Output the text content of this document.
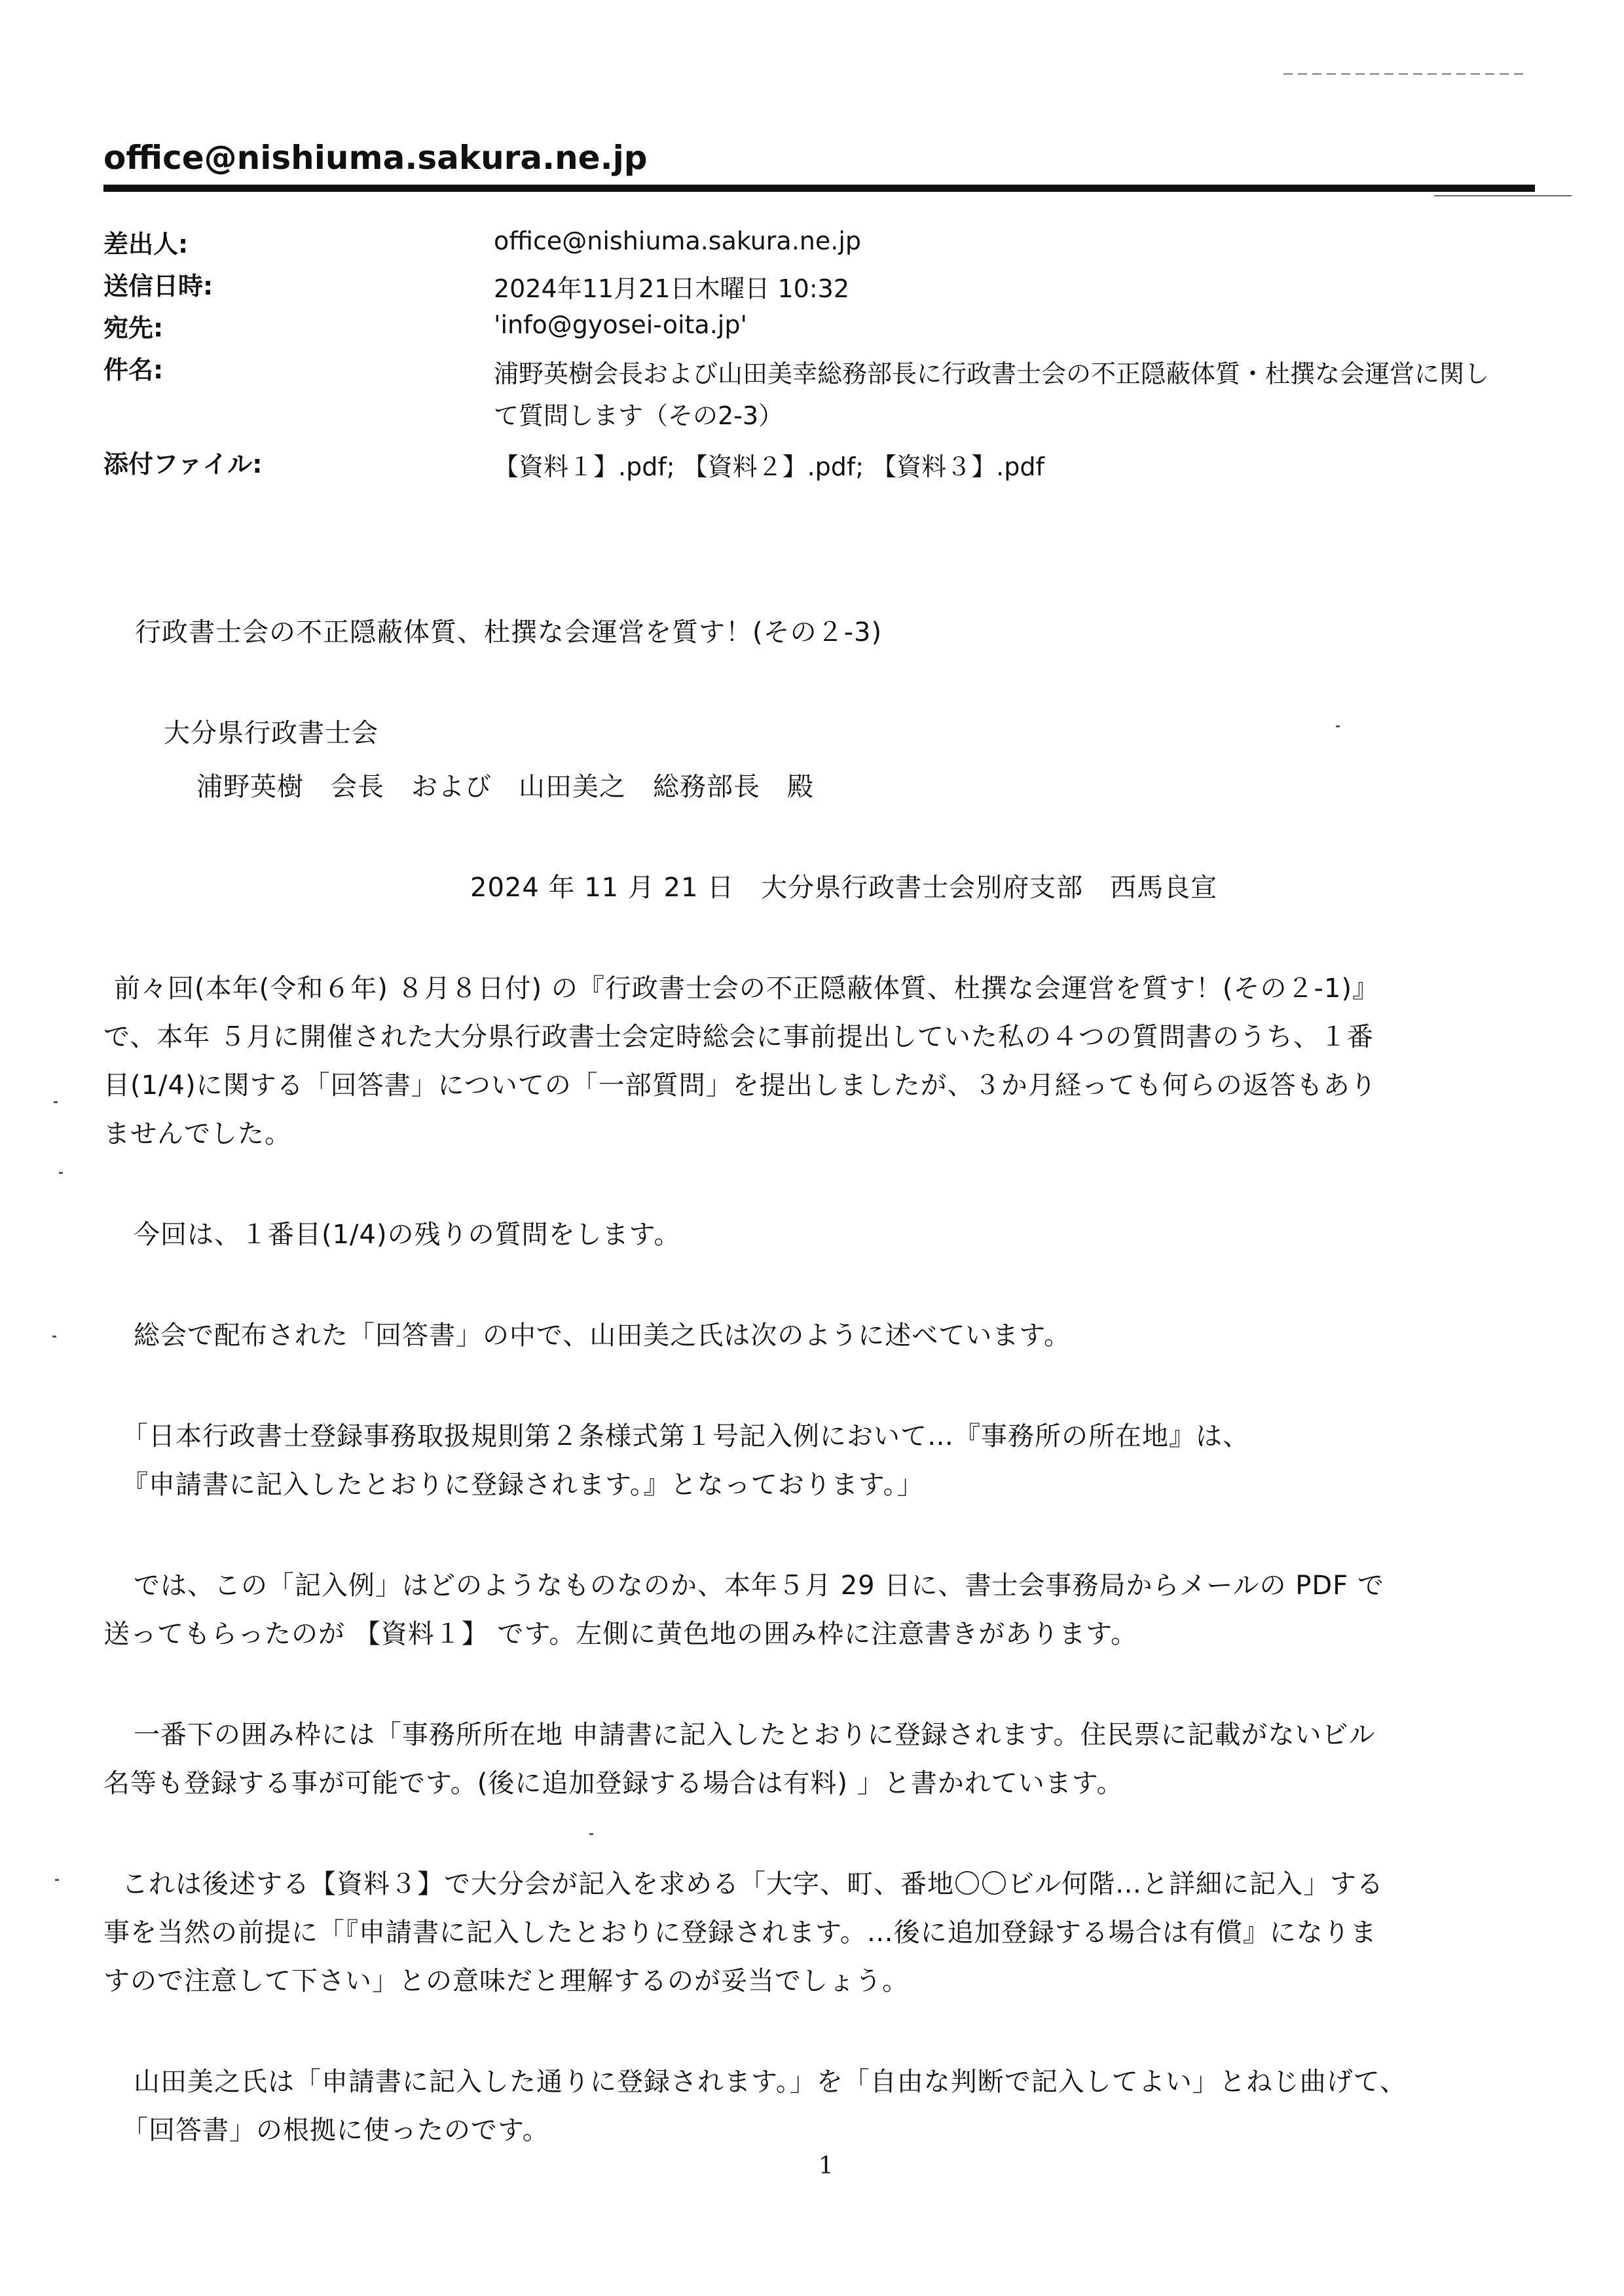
office@nishiuma.sakura.ne.jp
差出人:	office@nishiuma.sakura.ne.jp
送信日時:	2024年11月21日木曜日 10:32
宛先:	'info@gyosei-oita.jp'
件名:	浦野英樹会長および山田美幸総務部長に行政書士会の不正隠蔽体質・杜撰な会運営に関し
て質問します（その2-3）
添付ファイル:	【資料１】.pdf; 【資料２】.pdf; 【資料３】.pdf
行政書士会の不正隠蔽体質、杜撰な会運営を質す！(その２-3)
大分県行政書士会
浦野英樹　会長　および　山田美之　総務部長　殿
2024 年 11 月 21 日　大分県行政書士会別府支部　西馬良宣
前々回(本年(令和６年) ８月８日付) の『行政書士会の不正隠蔽体質、杜撰な会運営を質す！(その２-1)』
で、本年 ５月に開催された大分県行政書士会定時総会に事前提出していた私の４つの質問書のうち、１番
目(1/4)に関する「回答書」についての「一部質問」を提出しましたが、３か月経っても何らの返答もあり
ませんでした。
今回は、１番目(1/4)の残りの質問をします。
総会で配布された「回答書」の中で、山田美之氏は次のように述べています。
「日本行政書士登録事務取扱規則第２条様式第１号記入例において…『事務所の所在地』は、
『申請書に記入したとおりに登録されます。』となっております。」
では、この「記入例」はどのようなものなのか、本年５月 29 日に、書士会事務局からメールの PDF で
送ってもらったのが 【資料１】 です。左側に黄色地の囲み枠に注意書きがあります。
一番下の囲み枠には「事務所所在地 申請書に記入したとおりに登録されます。住民票に記載がないビル
名等も登録する事が可能です。(後に追加登録する場合は有料) 」と書かれています。
これは後述する【資料３】で大分会が記入を求める「大字、町、番地〇〇ビル何階…と詳細に記入」する
事を当然の前提に「『申請書に記入したとおりに登録されます。…後に追加登録する場合は有償』になりま
すので注意して下さい」との意味だと理解するのが妥当でしょう。
山田美之氏は「申請書に記入した通りに登録されます。」を「自由な判断で記入してよい」とねじ曲げて、
「回答書」の根拠に使ったのです。
1
